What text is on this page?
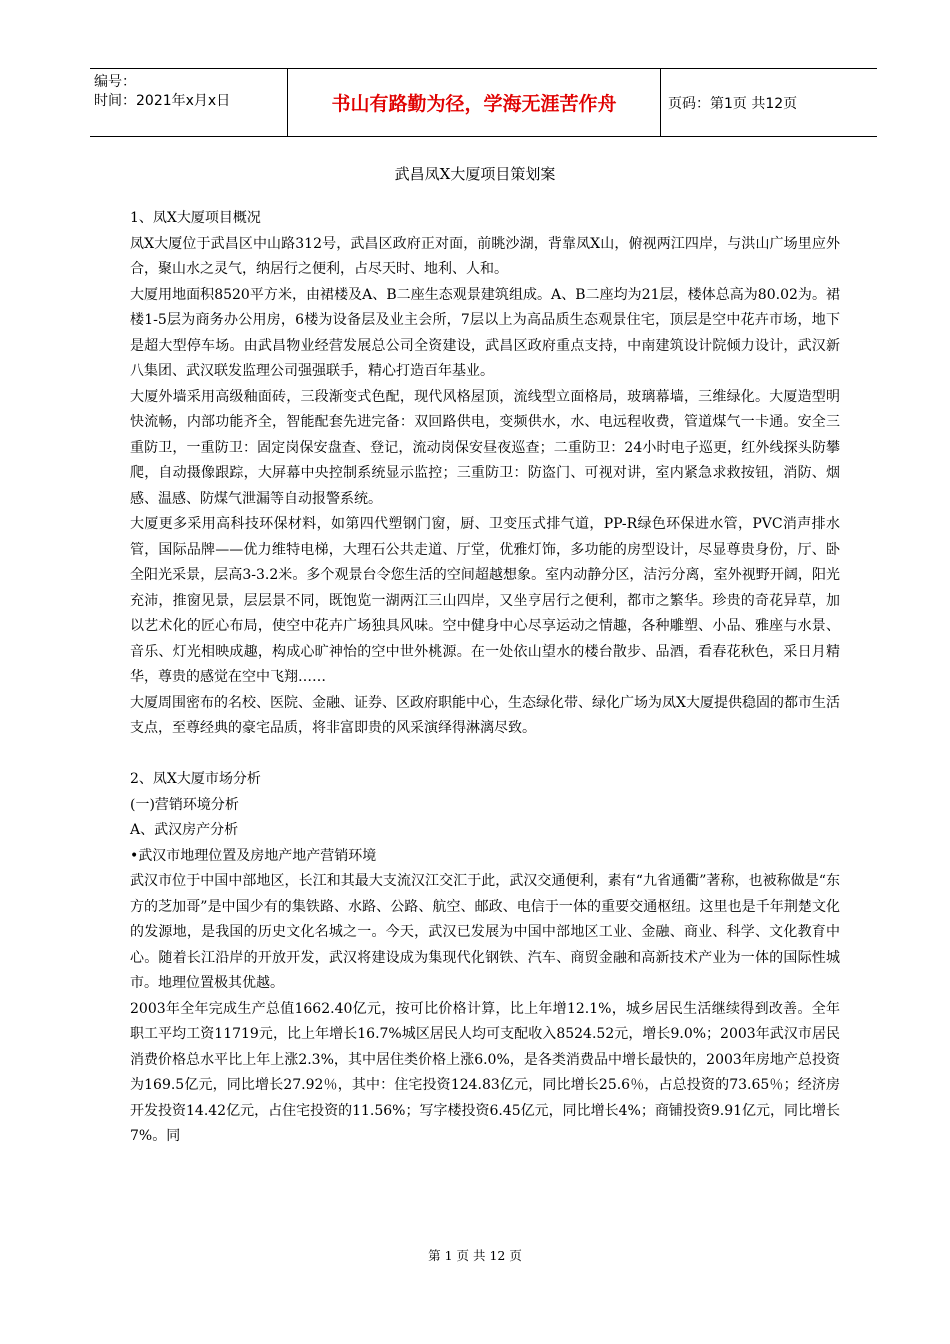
编号：
时间：2021年x月x日	书山有路勤为径，学海无涯苦作舟	页码：第1页 共12页
武昌凤X大厦项目策划案

1、凤X大厦项目概况

凤X大厦位于武昌区中山路312号，武昌区政府正对面，前眺沙湖，背靠凤X山，俯视两江四岸，与洪山广场里应外合，聚山水之灵气，纳居行之便利，占尽天时、地利、人和。

大厦用地面积8520平方米，由裙楼及A、B二座生态观景建筑组成。A、B二座均为21层，楼体总高为80.02为。裙楼1-5层为商务办公用房，6楼为设备层及业主会所，7层以上为高品质生态观景住宅，顶层是空中花卉市场，地下是超大型停车场。由武昌物业经营发展总公司全资建设，武昌区政府重点支持，中南建筑设计院倾力设计，武汉新八集团、武汉联发监理公司强强联手，精心打造百年基业。

大厦外墙采用高级釉面砖，三段渐变式色配，现代风格屋顶，流线型立面格局，玻璃幕墙，三维绿化。大厦造型明快流畅，内部功能齐全，智能配套先进完备：双回路供电，变频供水，水、电远程收费，管道煤气一卡通。安全三重防卫，一重防卫：固定岗保安盘查、登记，流动岗保安昼夜巡查；二重防卫：24小时电子巡更，红外线探头防攀爬，自动摄像跟踪，大屏幕中央控制系统显示监控；三重防卫：防盗门、可视对讲，室内紧急求救按钮，消防、烟感、温感、防煤气泄漏等自动报警系统。

大厦更多采用高科技环保材料，如第四代塑钢门窗，厨、卫变压式排气道，PP-R绿色环保进水管，PVC消声排水管，国际品牌——优力维特电梯，大理石公共走道、厅堂，优雅灯饰，多功能的房型设计，尽显尊贵身份，厅、卧全阳光采景，层高3-3.2米。多个观景台令您生活的空间超越想象。室内动静分区，洁污分离，室外视野开阔，阳光充沛，推窗见景，层层景不同，既饱览一湖两江三山四岸，又坐亨居行之便利，都市之繁华。珍贵的奇花异草，加以艺术化的匠心布局，使空中花卉广场独具风味。空中健身中心尽享运动之情趣，各种雕塑、小品、雅座与水景、音乐、灯光相映成趣，构成心旷神怡的空中世外桃源。在一处依山望水的楼台散步、品酒，看春花秋色，采日月精华，尊贵的感觉在空中飞翔……

大厦周围密布的名校、医院、金融、证券、区政府职能中心，生态绿化带、绿化广场为凤X大厦提供稳固的都市生活支点，至尊经典的豪宅品质，将非富即贵的风采演绎得淋漓尽致。

2、凤X大厦市场分析

(一)营销环境分析

A、武汉房产分析

•武汉市地理位置及房地产地产营销环境

武汉市位于中国中部地区，长江和其最大支流汉江交汇于此，武汉交通便利，素有“九省通衢”著称，也被称做是“东方的芝加哥”是中国少有的集铁路、水路、公路、航空、邮政、电信于一体的重要交通枢纽。这里也是千年荆楚文化的发源地，是我国的历史文化名城之一。今天，武汉已发展为中国中部地区工业、金融、商业、科学、文化教育中心。随着长江沿岸的开放开发，武汉将建设成为集现代化钢铁、汽车、商贸金融和高新技术产业为一体的国际性城市。地理位置极其优越。

2003年全年完成生产总值1662.40亿元，按可比价格计算，比上年增12.1%，城乡居民生活继续得到改善。全年职工平均工资11719元，比上年增长16.7%城区居民人均可支配收入8524.52元，增长9.0%；2003年武汉市居民消费价格总水平比上年上涨2.3%，其中居住类价格上涨6.0%，是各类消费品中增长最快的，2003年房地产总投资为169.5亿元，同比增长27.92％，其中：住宅投资124.83亿元，同比增长25.6％，占总投资的73.65％；经济房开发投资14.42亿元，占住宅投资的11.56%；写字楼投资6.45亿元，同比增长4%；商铺投资9.91亿元，同比增长7%。同

第 1 页 共 12 页
